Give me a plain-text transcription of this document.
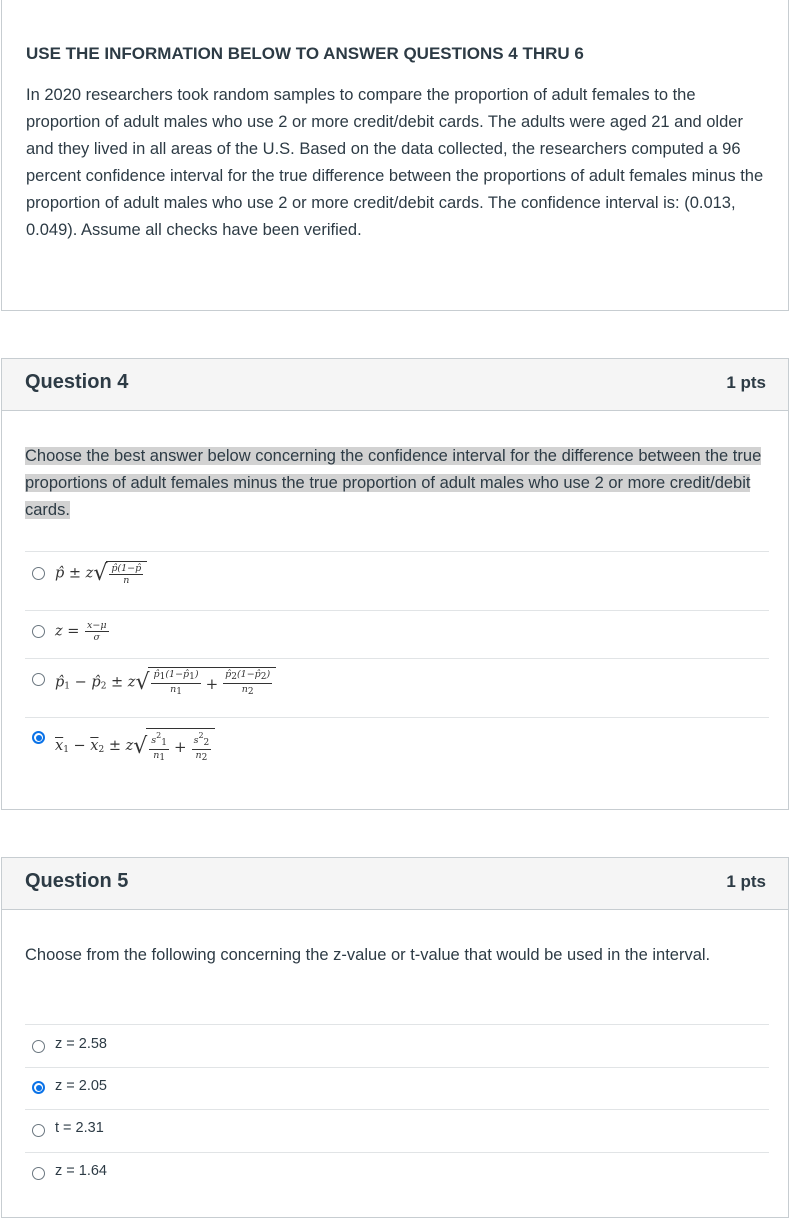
USE THE INFORMATION BELOW TO ANSWER QUESTIONS 4 THRU 6

In 2020 researchers took random samples to compare the proportion of adult females to the proportion of adult males who use 2 or more credit/debit cards. The adults were aged 21 and older and they lived in all areas of the U.S. Based on the data collected, the researchers computed a 96 percent confidence interval for the true difference between the proportions of adult females minus the proportion of adult males who use 2 or more credit/debit cards. The confidence interval is: (0.013, 0.049). Assume all checks have been verified.

Question 4	1 pts

Choose the best answer below concerning the confidence interval for the difference between the true proportions of adult females minus the true proportion of adult males who use 2 or more credit/debit cards.

p̂ ± $z√ \frac{p̂(1-p̂}{n}$
$z = \frac{x-\mu}{\sigma}$
$p̂_1$ − $p̂_2 \pm z√ \frac{p̂1(1-p̂1)}{n1} + \frac{p̂2(1-p̂2)}{n2}$
$\overline{x}_1 - \overline{x}_2 \pm z√ \frac{s^21}{n1} + \frac{s^22}{n2}$
Question 5	1 pts

Choose from the following concerning the z-value or t-value that would be used in the interval.

z = 2.58
z = 2.05
t = 2.31
z = 1.64
